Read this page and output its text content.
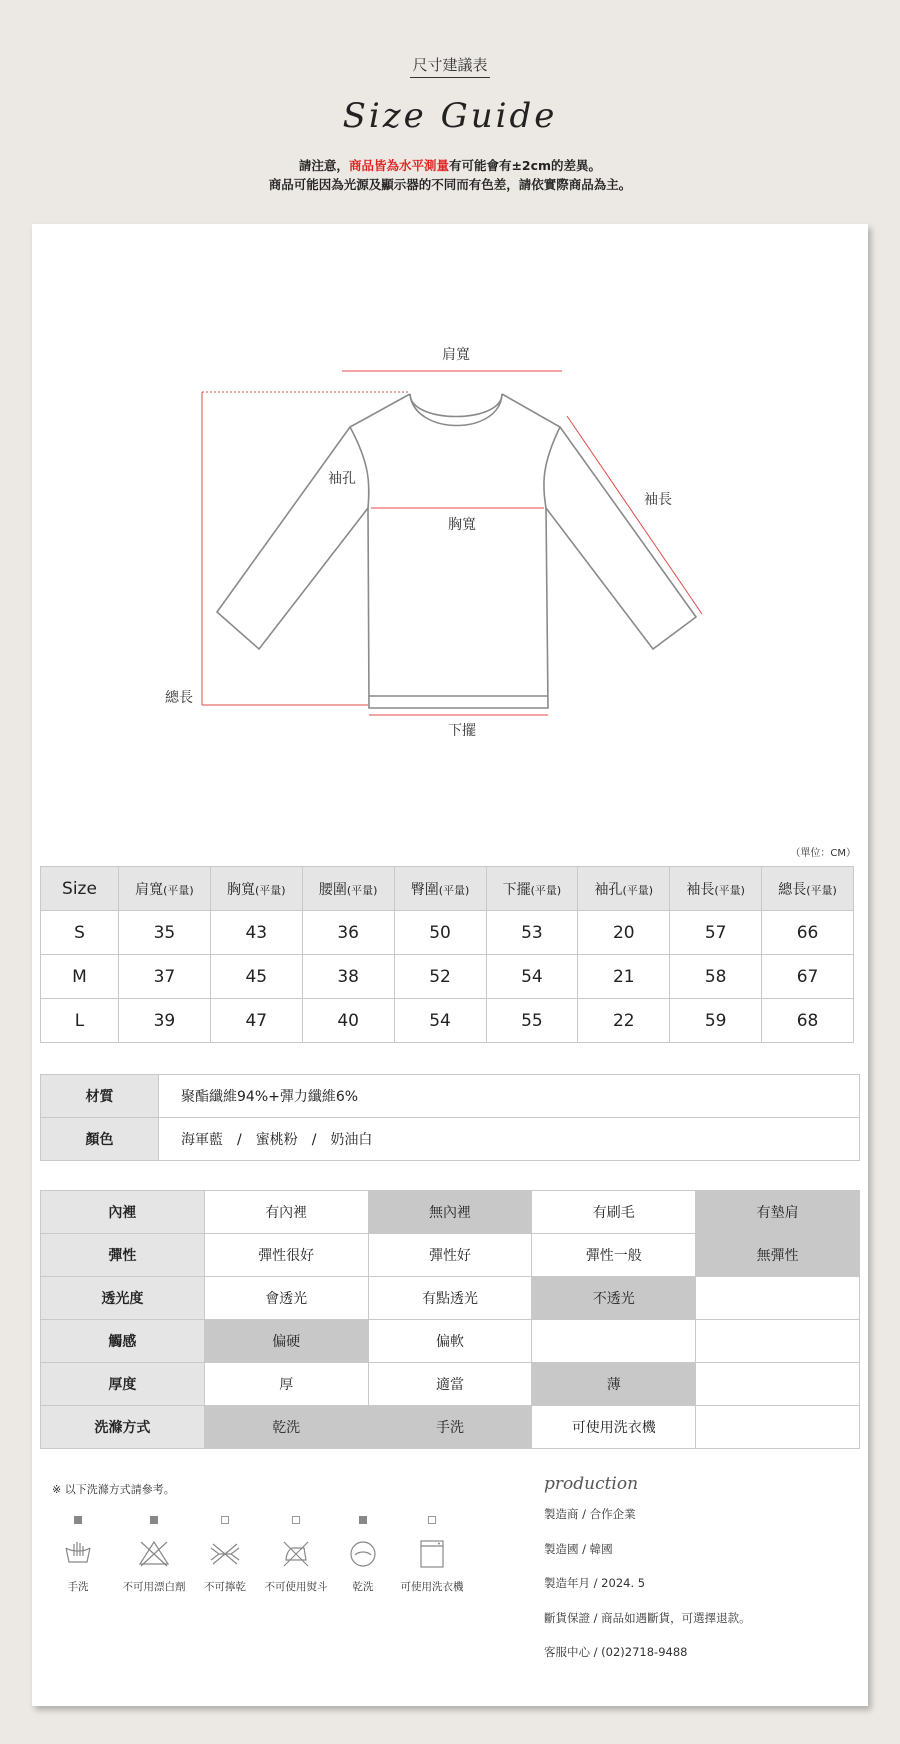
尺寸建議表
Size Guide
請注意，商品皆為水平測量有可能會有±2cm的差異。
商品可能因為光源及顯示器的不同而有色差，請依實際商品為主。
肩寬
袖孔
袖長
胸寬
總長
下擺
（單位：CM）
Size	肩寬(平量)	胸寬(平量)	腰圍(平量)	臀圍(平量)	下擺(平量)	袖孔(平量)	袖長(平量)	總長(平量)
S	35	43	36	50	53	20	57	66
M	37	45	38	52	54	21	58	67
L	39	47	40	54	55	22	59	68
材質	聚酯纖維94%+彈力纖維6%
顏色	海軍藍　/　蜜桃粉　/　奶油白
內裡	有內裡	無內裡	有刷毛	有墊肩
彈性	彈性很好	彈性好	彈性一般	無彈性
透光度	會透光	有點透光	不透光	
觸感	偏硬	偏軟		
厚度	厚	適當	薄	
洗滌方式	乾洗	手洗	可使用洗衣機	
※ 以下洗滌方式請參考。
手洗	不可用漂白劑 不可擰乾 不可使用熨斗 乾洗	可使用洗衣機
production
製造商 / 合作企業
製造國 / 韓國
製造年月 / 2024. 5
斷貨保證 / 商品如遇斷貨，可選擇退款。
客服中心 / (02)2718-9488
